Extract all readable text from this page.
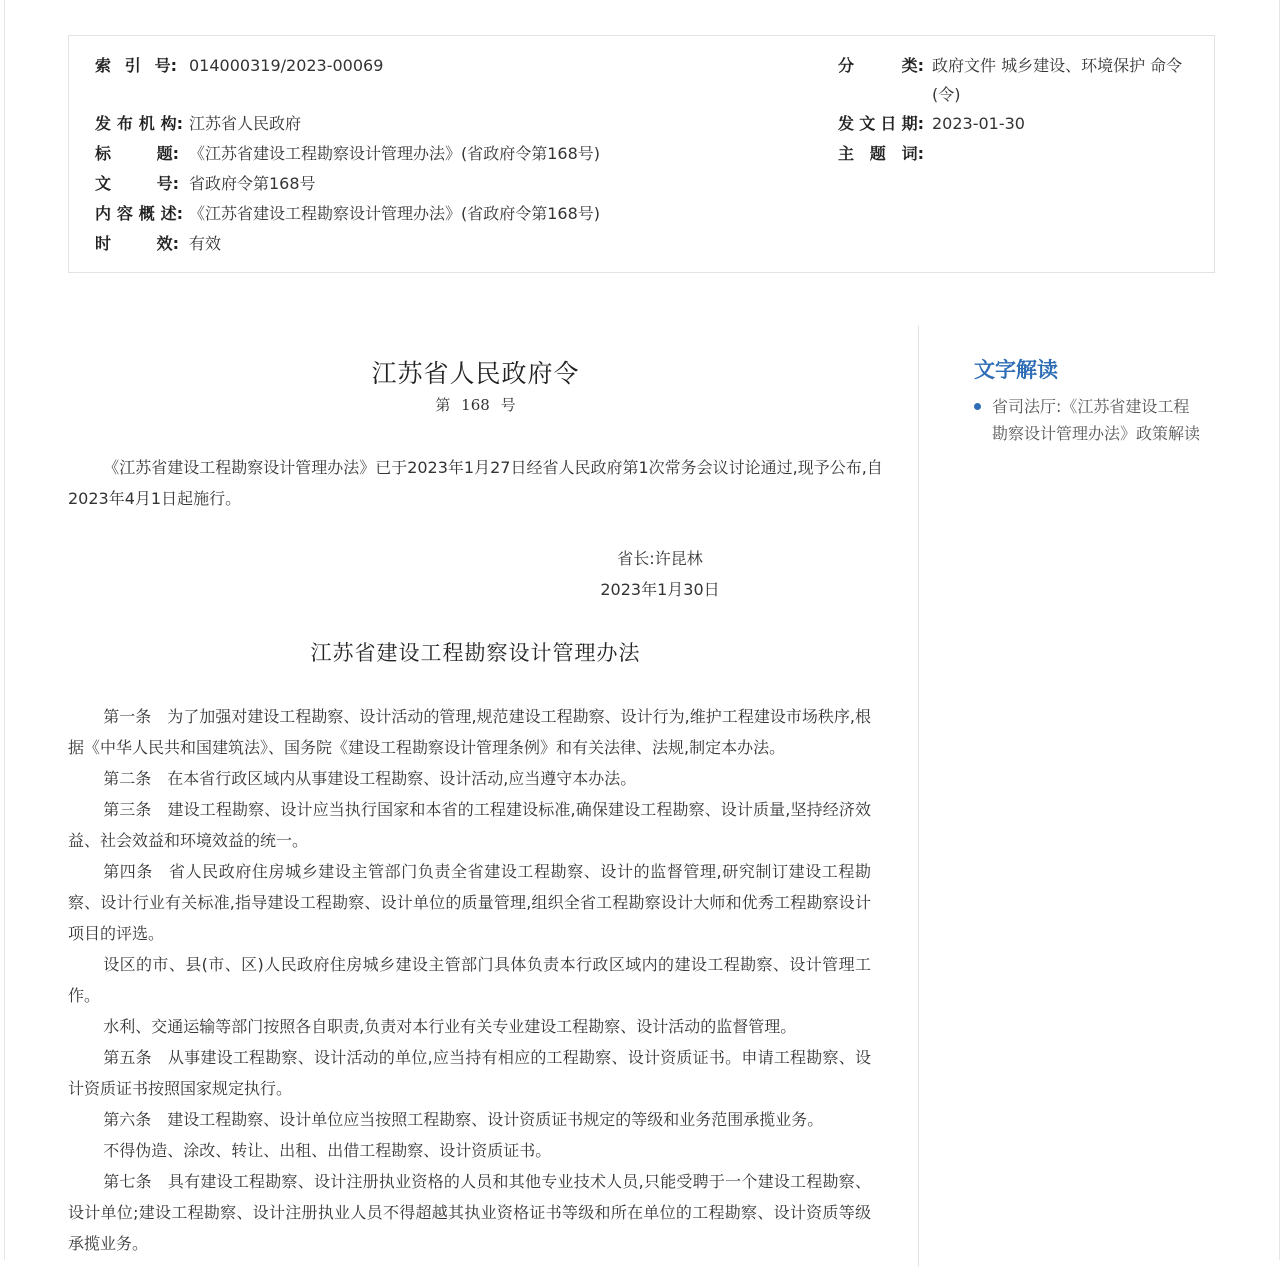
索 引 号: 014000319/2023-00069	分	类: 政府文件 城乡建设、环境保护 命令(令)
发 布 机 构: 江苏省人民政府	发 文 日 期: 2023-01-30
标	题: 《江苏省建设工程勘察设计管理办法》(省政府令第168号)	主 题 词:
文	号: 省政府令第168号
内 容 概 述: 《江苏省建设工程勘察设计管理办法》(省政府令第168号)
时	效: 有效
江苏省人民政府令
第 168 号
《江苏省建设工程勘察设计管理办法》已于2023年1月27日经省人民政府第1次常务会议讨论通过,现予公布,自2023年4月1日起施行。
省长:许昆林
2023年1月30日
江苏省建设工程勘察设计管理办法

第一条 为了加强对建设工程勘察、设计活动的管理,规范建设工程勘察、设计行为,维护工程建设市场秩序,根据《中华人民共和国建筑法》、国务院《建设工程勘察设计管理条例》和有关法律、法规,制定本办法。

第二条 在本省行政区域内从事建设工程勘察、设计活动,应当遵守本办法。

第三条 建设工程勘察、设计应当执行国家和本省的工程建设标准,确保建设工程勘察、设计质量,坚持经济效益、社会效益和环境效益的统一。

第四条 省人民政府住房城乡建设主管部门负责全省建设工程勘察、设计的监督管理,研究制订建设工程勘察、设计行业有关标准,指导建设工程勘察、设计单位的质量管理,组织全省工程勘察设计大师和优秀工程勘察设计项目的评选。

设区的市、县(市、区)人民政府住房城乡建设主管部门具体负责本行政区域内的建设工程勘察、设计管理工作。

水利、交通运输等部门按照各自职责,负责对本行业有关专业建设工程勘察、设计活动的监督管理。

第五条 从事建设工程勘察、设计活动的单位,应当持有相应的工程勘察、设计资质证书。申请工程勘察、设计资质证书按照国家规定执行。

第六条 建设工程勘察、设计单位应当按照工程勘察、设计资质证书规定的等级和业务范围承揽业务。

不得伪造、涂改、转让、出租、出借工程勘察、设计资质证书。

第七条 具有建设工程勘察、设计注册执业资格的人员和其他专业技术人员,只能受聘于一个建设工程勘察、设计单位;建设工程勘察、设计注册执业人员不得超越其执业资格证书等级和所在单位的工程勘察、设计资质等级承揽业务。

文字解读
省司法厅:《江苏省建设工程勘察设计管理办法》政策解读
